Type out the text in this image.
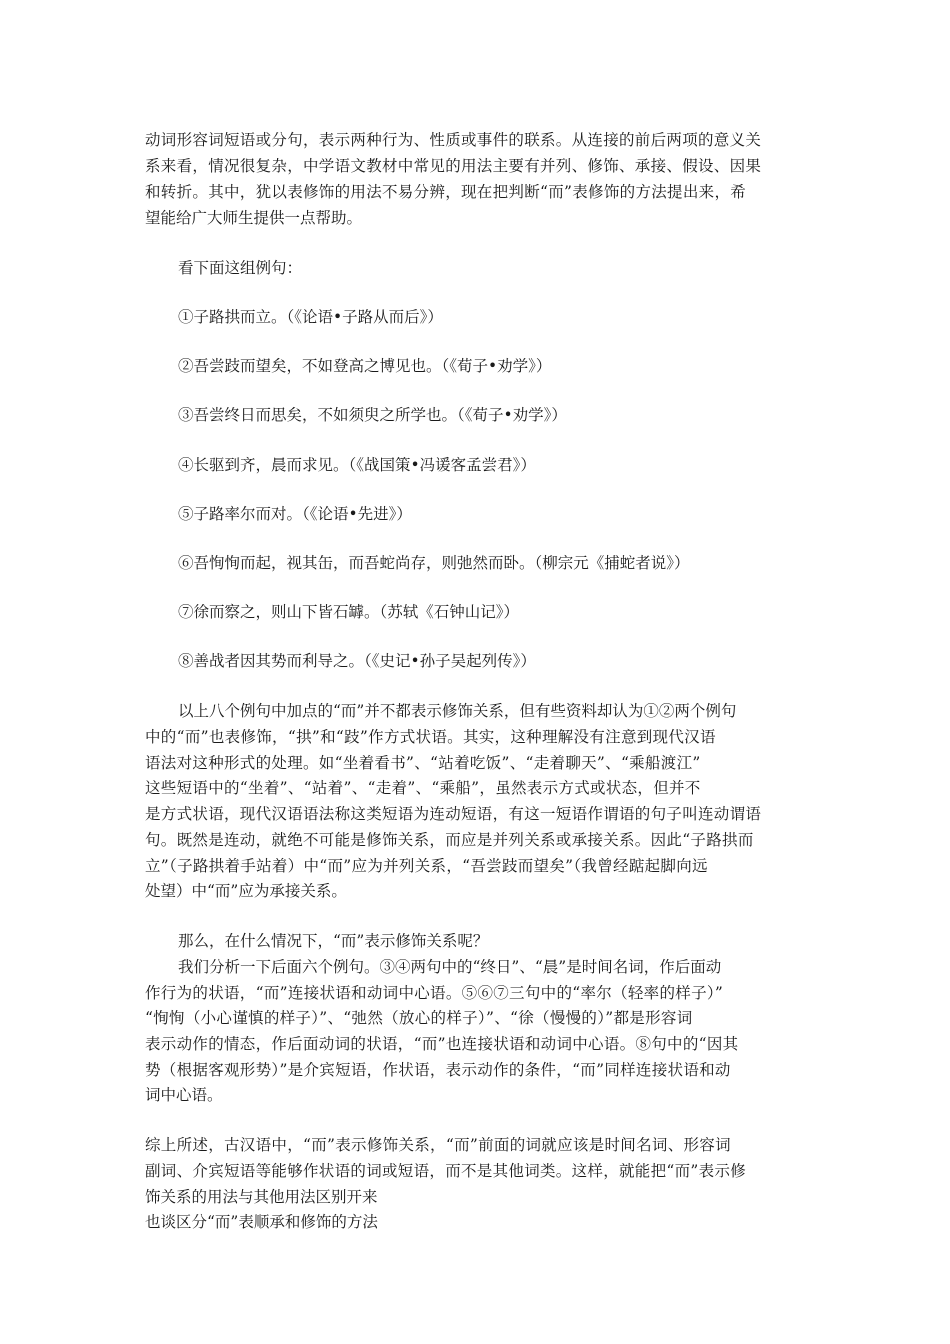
动词形容词短语或分句，表示两种行为、性质或事件的联系。从连接的前后两项的意义关
系来看，情况很复杂，中学语文教材中常见的用法主要有并列、修饰、承接、假设、因果
和转折。其中，犹以表修饰的用法不易分辨，现在把判断“而”表修饰的方法提出来，希
望能给广大师生提供一点帮助。
看下面这组例句：
①子路拱而立。（《论语•子路从而后》）
②吾尝跂而望矣，不如登高之博见也。（《荀子•劝学》）
③吾尝终日而思矣，不如须臾之所学也。（《荀子•劝学》）
④长驱到齐，晨而求见。（《战国策•冯谖客孟尝君》）
⑤子路率尔而对。（《论语•先进》）
⑥吾恂恂而起，视其缶，而吾蛇尚存，则弛然而卧。（柳宗元《捕蛇者说》）
⑦徐而察之，则山下皆石罅。（苏轼《石钟山记》）
⑧善战者因其势而利导之。（《史记•孙子吴起列传》）
以上八个例句中加点的“而”并不都表示修饰关系，但有些资料却认为①②两个例句
中的“而”也表修饰，“拱”和“跂”作方式状语。其实，这种理解没有注意到现代汉语
语法对这种形式的处理。如“坐着看书”、“站着吃饭”、“走着聊天”、“乘船渡江”
这些短语中的“坐着”、“站着”、“走着”、“乘船”，虽然表示方式或状态，但并不
是方式状语，现代汉语语法称这类短语为连动短语，有这一短语作谓语的句子叫连动谓语
句。既然是连动，就绝不可能是修饰关系，而应是并列关系或承接关系。因此“子路拱而
立”（子路拱着手站着）中“而”应为并列关系，“吾尝跂而望矣”（我曾经踮起脚向远
处望）中“而”应为承接关系。
那么，在什么情况下，“而”表示修饰关系呢？
我们分析一下后面六个例句。③④两句中的“终日”、“晨”是时间名词，作后面动
作行为的状语，“而”连接状语和动词中心语。⑤⑥⑦三句中的“率尔（轻率的样子）”
“恂恂（小心谨慎的样子）”、“弛然（放心的样子）”、“徐（慢慢的）”都是形容词
表示动作的情态，作后面动词的状语，“而”也连接状语和动词中心语。⑧句中的“因其
势（根据客观形势）”是介宾短语，作状语，表示动作的条件，“而”同样连接状语和动
词中心语。
综上所述，古汉语中，“而”表示修饰关系，“而”前面的词就应该是时间名词、形容词
副词、介宾短语等能够作状语的词或短语，而不是其他词类。这样，就能把“而”表示修
饰关系的用法与其他用法区别开来
也谈区分“而”表顺承和修饰的方法
